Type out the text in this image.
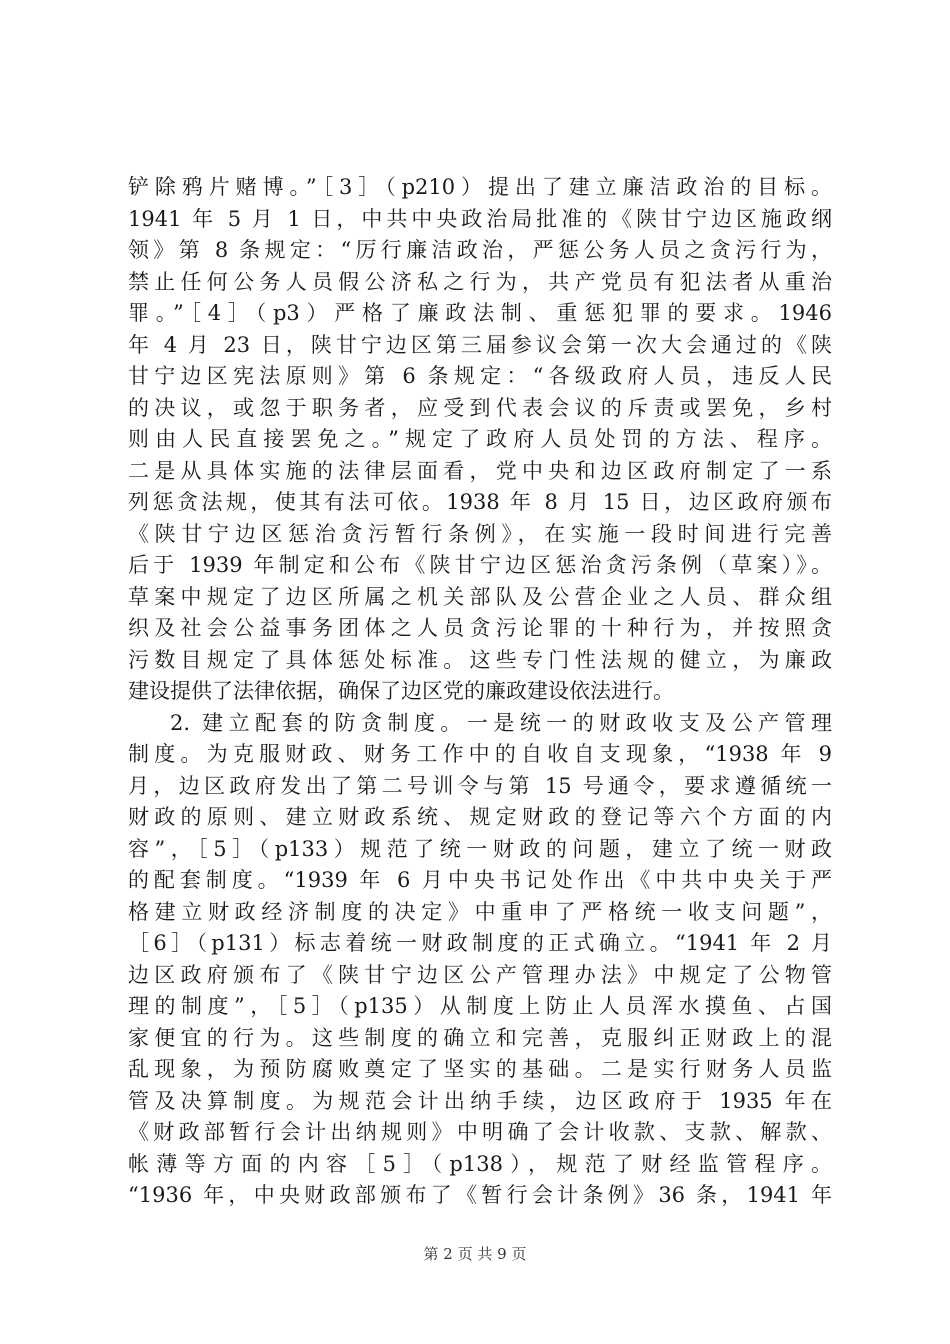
铲除鸦片赌博。”［3］（p210）提出了建立廉洁政治的目标。
1941 年 5 月 1 日，中共中央政治局批准的《陕甘宁边区施政纲
领》第 8 条规定：“厉行廉洁政治，严惩公务人员之贪污行为，
禁止任何公务人员假公济私之行为，共产党员有犯法者从重治
罪。”［4］（p3）严格了廉政法制、重惩犯罪的要求。1946
年 4 月 23 日，陕甘宁边区第三届参议会第一次大会通过的《陕
甘宁边区宪法原则》第 6 条规定：“各级政府人员，违反人民
的决议，或忽于职务者，应受到代表会议的斥责或罢免，乡村
则由人民直接罢免之。”规定了政府人员处罚的方法、程序。
二是从具体实施的法律层面看，党中央和边区政府制定了一系
列惩贪法规，使其有法可依。1938 年 8 月 15 日，边区政府颁布
《陕甘宁边区惩治贪污暂行条例》，在实施一段时间进行完善
后于 1939 年制定和公布《陕甘宁边区惩治贪污条例（草案）》。
草案中规定了边区所属之机关部队及公营企业之人员、群众组
织及社会公益事务团体之人员贪污论罪的十种行为，并按照贪
污数目规定了具体惩处标准。这些专门性法规的健立，为廉政
建设提供了法律依据，确保了边区党的廉政建设依法进行。
2. 建立配套的防贪制度。一是统一的财政收支及公产管理
制度。为克服财政、财务工作中的自收自支现象，“1938 年 9
月，边区政府发出了第二号训令与第 15 号通令，要求遵循统一
财政的原则、建立财政系统、规定财政的登记等六个方面的内
容”，［5］（p133）规范了统一财政的问题，建立了统一财政
的配套制度。“1939 年 6 月中央书记处作出《中共中央关于严
格建立财政经济制度的决定》中重申了严格统一收支问题”，
［6］（p131）标志着统一财政制度的正式确立。“1941 年 2 月
边区政府颁布了《陕甘宁边区公产管理办法》中规定了公物管
理的制度”，［5］（p135）从制度上防止人员浑水摸鱼、占国
家便宜的行为。这些制度的确立和完善，克服纠正财政上的混
乱现象，为预防腐败奠定了坚实的基础。二是实行财务人员监
管及决算制度。为规范会计出纳手续，边区政府于 1935 年在
《财政部暂行会计出纳规则》中明确了会计收款、支款、解款、
帐薄等方面的内容［5］（p138），规范了财经监管程序。
“1936 年，中央财政部颁布了《暂行会计条例》36 条，1941 年
第 2 页 共 9 页
